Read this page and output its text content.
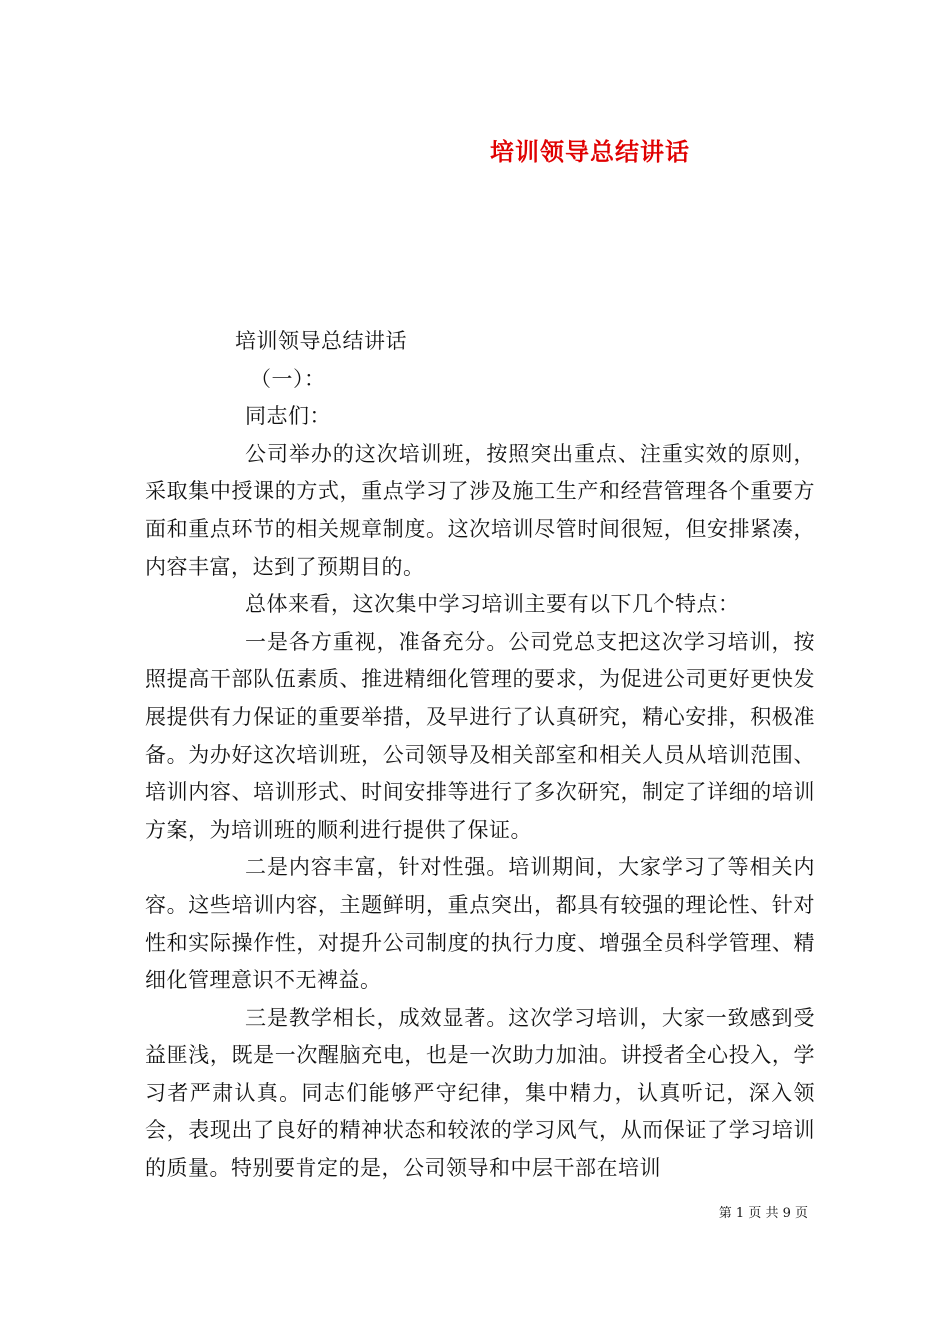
培训领导总结讲话

培训领导总结讲话

（一）：

同志们：

公司举办的这次培训班，按照突出重点、注重实效的原则，采取集中授课的方式，重点学习了涉及施工生产和经营管理各个重要方面和重点环节的相关规章制度。这次培训尽管时间很短，但安排紧凑，内容丰富，达到了预期目的。

总体来看，这次集中学习培训主要有以下几个特点：

一是各方重视，准备充分。公司党总支把这次学习培训，按照提高干部队伍素质、推进精细化管理的要求，为促进公司更好更快发展提供有力保证的重要举措，及早进行了认真研究，精心安排，积极准备。为办好这次培训班，公司领导及相关部室和相关人员从培训范围、培训内容、培训形式、时间安排等进行了多次研究，制定了详细的培训方案，为培训班的顺利进行提供了保证。

二是内容丰富，针对性强。培训期间，大家学习了等相关内容。这些培训内容，主题鲜明，重点突出，都具有较强的理论性、针对性和实际操作性，对提升公司制度的执行力度、增强全员科学管理、精细化管理意识不无裨益。

三是教学相长，成效显著。这次学习培训，大家一致感到受益匪浅，既是一次醒脑充电，也是一次助力加油。讲授者全心投入，学习者严肃认真。同志们能够严守纪律，集中精力，认真听记，深入领会，表现出了良好的精神状态和较浓的学习风气，从而保证了学习培训的质量。特别要肯定的是，公司领导和中层干部在培训

第 1 页 共 9 页
